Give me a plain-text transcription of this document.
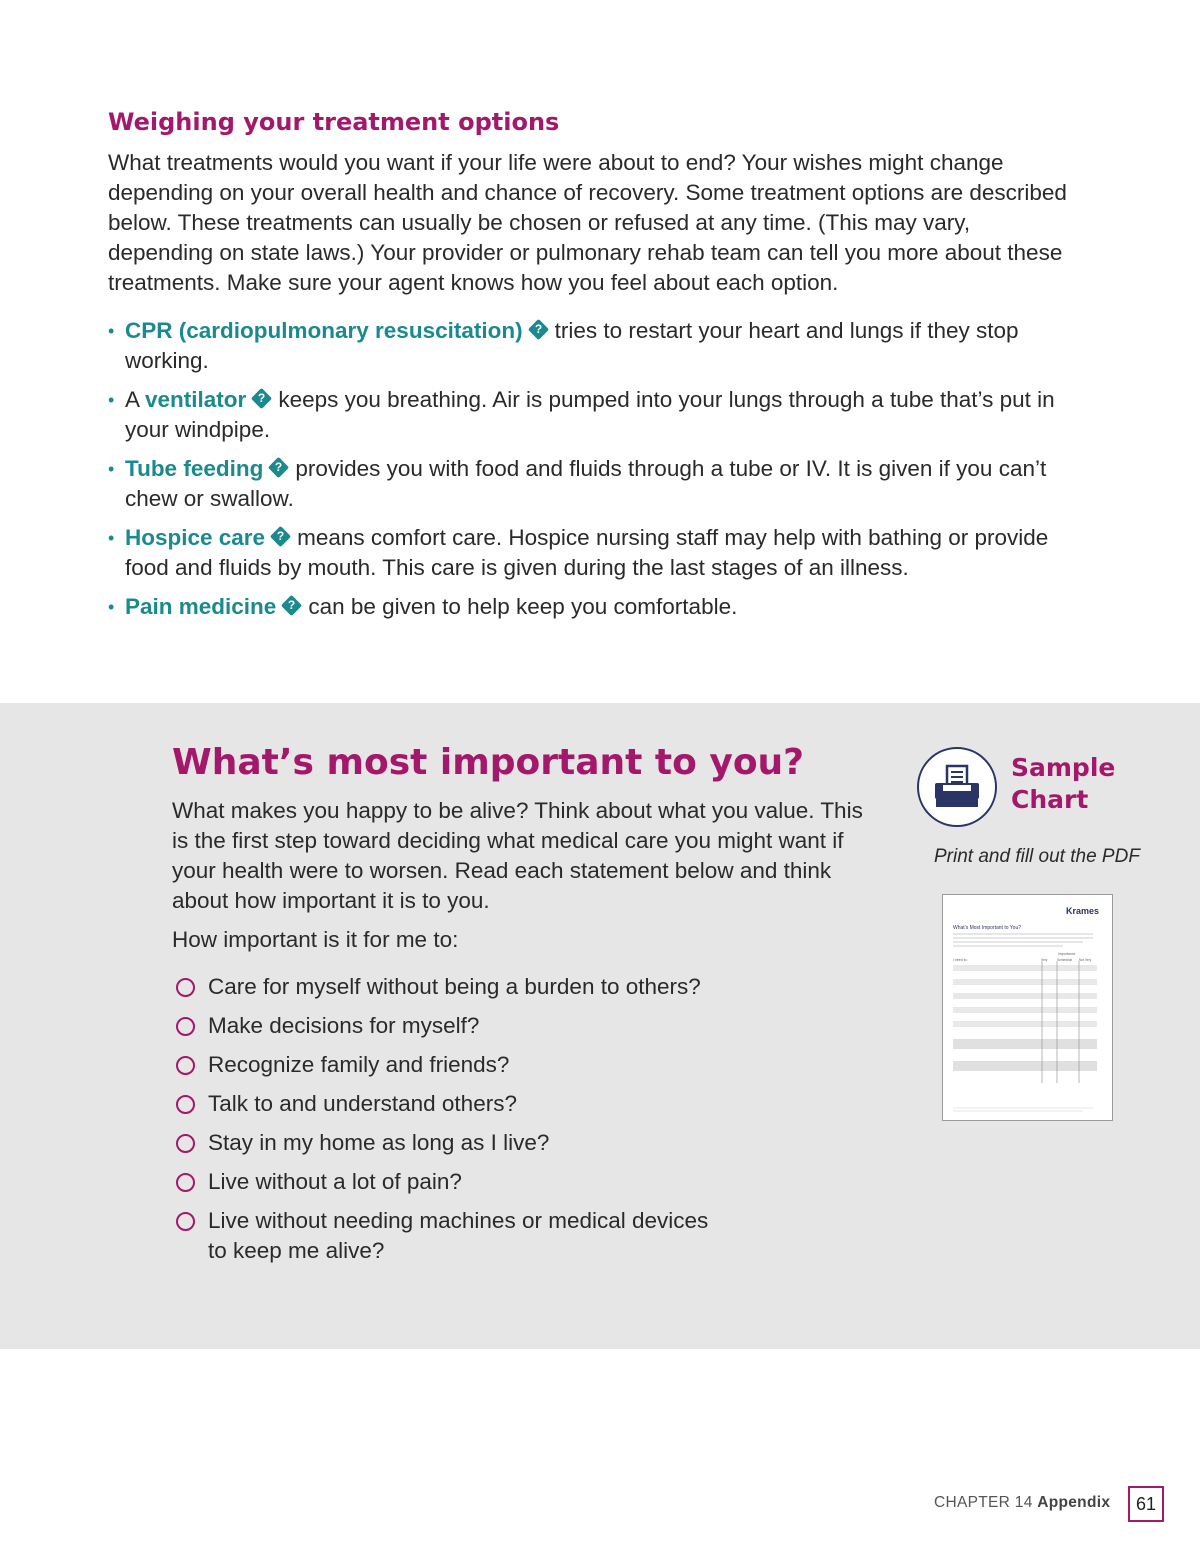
Weighing your treatment options

What treatments would you want if your life were about to end? Your wishes might change depending on your overall health and chance of recovery. Some treatment options are described below. These treatments can usually be chosen or refused at any time. (This may vary, depending on state laws.) Your provider or pulmonary rehab team can tell you more about these treatments. Make sure your agent knows how you feel about each option.

• CPR (cardiopulmonary resuscitation) ? tries to restart your heart and lungs if they stop working.
• A ventilator ? keeps you breathing. Air is pumped into your lungs through a tube that’s put in your windpipe.
• Tube feeding ? provides you with food and fluids through a tube or IV. It is given if you can’t chew or swallow.
• Hospice care ? means comfort care. Hospice nursing staff may help with bathing or provide food and fluids by mouth. This care is given during the last stages of an illness.
• Pain medicine ? can be given to help keep you comfortable.
What’s most important to you?

What makes you happy to be alive? Think about what you value. This is the first step toward deciding what medical care you might want if your health were to worsen. Read each statement below and think about how important it is to you.

How important is it for me to:

Care for myself without being a burden to others?
Make decisions for myself?
Recognize family and friends?
Talk to and understand others?
Stay in my home as long as I live?
Live without a lot of pain?
Live without needing machines or medical devices to keep me alive?
Sample
Chart
Print and fill out the PDF
Krames
What’s Most Important to You?
Importance
I need to:	Very	Somewhat Not Very
CHAPTER 14 Appendix	61
